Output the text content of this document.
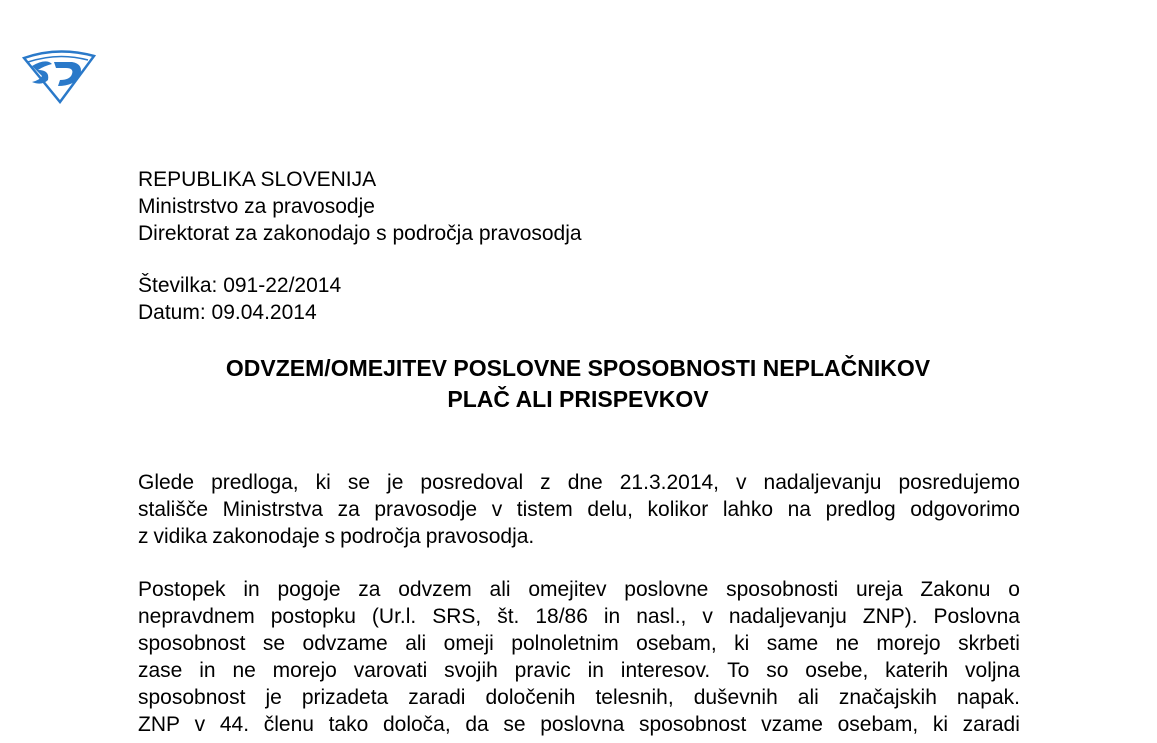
REPUBLIKA SLOVENIJA
Ministrstvo za pravosodje
Direktorat za zakonodajo s področja pravosodja
Številka: 091-22/2014
Datum: 09.04.2014
ODVZEM/OMEJITEV POSLOVNE SPOSOBNOSTI NEPLAČNIKOV
PLAČ ALI PRISPEVKOV
Glede predloga, ki se je posredoval z dne 21.3.2014, v nadaljevanju posredujemo
stališče Ministrstva za pravosodje v tistem delu, kolikor lahko na predlog odgovorimo
z vidika zakonodaje s področja pravosodja.
Postopek in pogoje za odvzem ali omejitev poslovne sposobnosti ureja Zakonu o
nepravdnem postopku (Ur.l. SRS, št. 18/86 in nasl., v nadaljevanju ZNP). Poslovna
sposobnost se odvzame ali omeji polnoletnim osebam, ki same ne morejo skrbeti
zase in ne morejo varovati svojih pravic in interesov. To so osebe, katerih voljna
sposobnost je prizadeta zaradi določenih telesnih, duševnih ali značajskih napak.
ZNP v 44. členu tako določa, da se poslovna sposobnost vzame osebam, ki zaradi
